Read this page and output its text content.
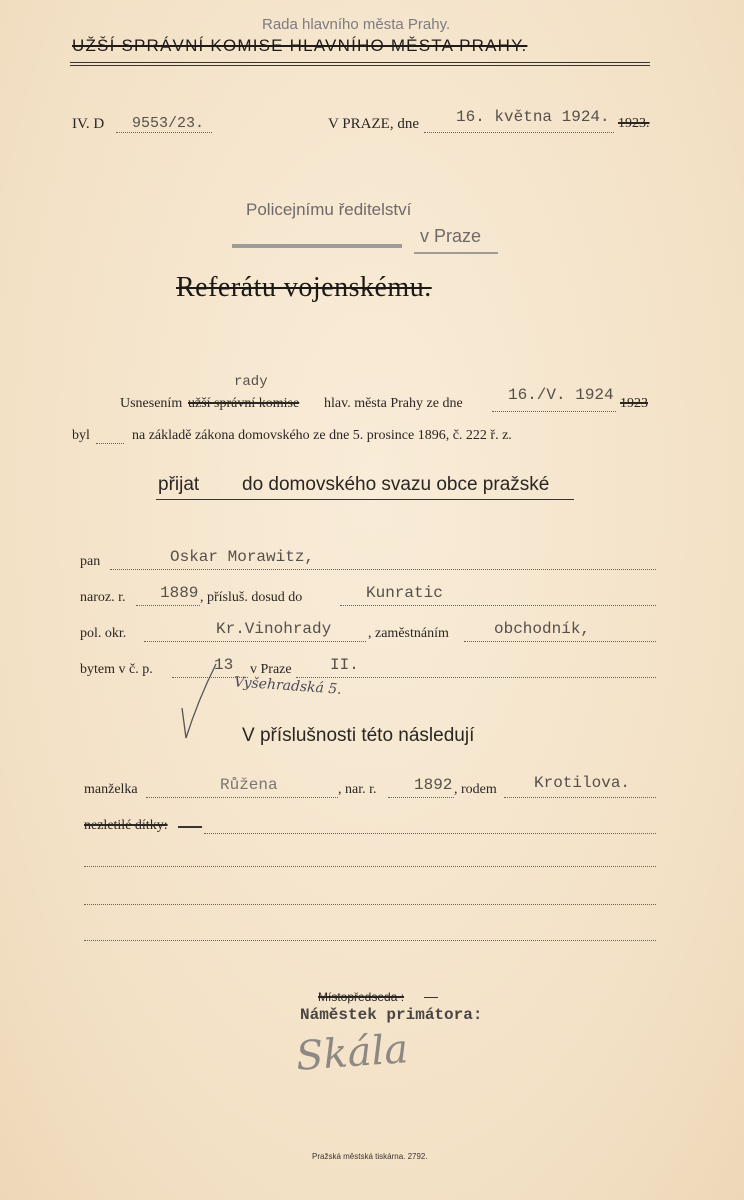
Rada hlavního města Prahy.
UŽŠÍ SPRÁVNÍ KOMISE HLAVNÍHO MĚSTA PRAHY.
IV. D 9553/23.	V PRAZE, dne 16. května 1924. 1923.
Policejnímu ředitelství
v Praze
Referátu vojenskému.
rady
Usnesením užší správní komise hlav. města Prahy ze dne	16./V. 1924 1923
byl	na základě zákona domovského ze dne 5. prosince 1896, č. 222 ř. z.
přijat do domovského svazu obce pražské
pan	Oskar Morawitz,
naroz. r. 1889 , přísluš. dosud do	Kunratic
pol. okr.	Kr.Vinohrady	, zaměstnáním	obchodník,
bytem v č. p.	13 v Praze II.
Vyšehradská 5.
V příslušnosti této následují
manželka	Růžena	, nar. r. 1892 , rodem Krotilova.
nezletilé dítky:
Místopředseda :
Náměstek primátora:
Skála
Pražská městská tiskárna. 2792.
